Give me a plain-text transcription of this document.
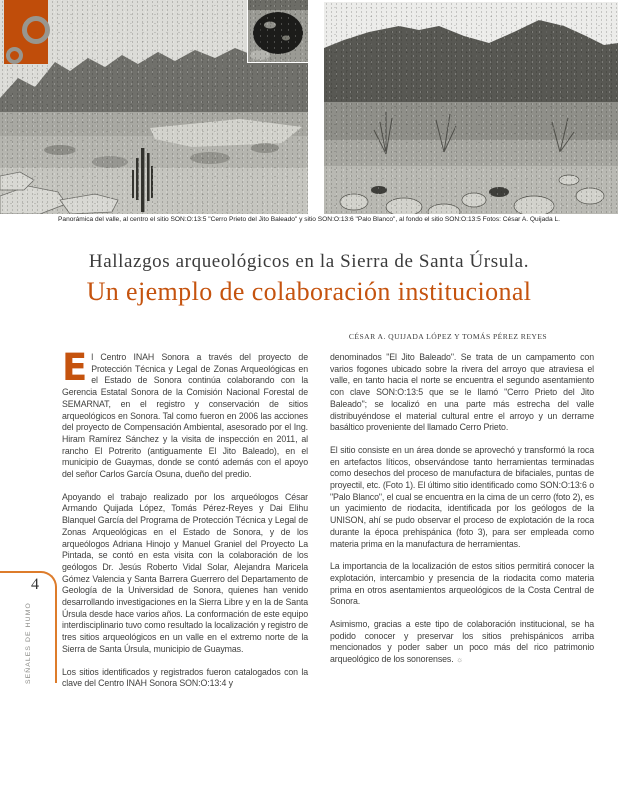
Panorámica del valle, al centro el sitio SON:O:13:5 "Cerro Prieto del Jito Baleado" y sitio SON:O:13:6 "Palo Blanco", al fondo el sitio SON:O:13:5 Fotos: César A. Quijada L.
Hallazgos arqueológicos en la Sierra de Santa Úrsula.
Un ejemplo de colaboración institucional
CÉSAR A. QUIJADA LÓPEZ Y TOMÁS PÉREZ REYES

El Centro INAH Sonora a través del proyecto de Protección Técnica y Legal de Zonas Arqueológicas en el Estado de Sonora continúa colaborando con la Gerencia Estatal Sonora de la Comisión Nacional Forestal de SEMARNAT, en el registro y conservación de sitios arqueológicos en Sonora. Tal como fueron en 2006 las acciones del proyecto de Compensación Ambiental, asesorado por el Ing. Hiram Ramírez Sánchez y la visita de inspección en 2011, al rancho El Potrerito (antiguamente El Jito Baleado), en el municipio de Guaymas, donde se contó además con el apoyo del señor Carlos García Osuna, dueño del predio.

Apoyando el trabajo realizado por los arqueólogos César Armando Quijada López, Tomás Pérez-Reyes y Dai Elihu Blanquel García del Programa de Protección Técnica y Legal de Zonas Arqueológicas en el Estado de Sonora, y de los arqueólogos Adriana Hinojo y Manuel Graniel del Proyecto La Pintada, se contó en esta visita con la colaboración de los geólogos Dr. Jesús Roberto Vidal Solar, Alejandra Maricela Gómez Valencia y Santa Barrera Guerrero del Departamento de Geología de la Universidad de Sonora, quienes han venido desarrollando investigaciones en la Sierra Libre y en la de Santa Úrsula desde hace varios años. La conformación de este equipo interdisciplinario tuvo como resultado la localización y registro de tres sitios arqueológicos en un valle en el extremo norte de la Sierra de Santa Úrsula, municipio de Guaymas.

Los sitios identificados y registrados fueron catalogados con la clave del Centro INAH Sonora SON:O:13:4 y

denominados "El Jito Baleado". Se trata de un campamento con varios fogones ubicado sobre la rivera del arroyo que atraviesa el valle, en tanto hacia el norte se encuentra el segundo asentamiento con clave SON:O:13:5 que se le llamó "Cerro Prieto del Jito Baleado"; se localizó en una parte más estrecha del valle distribuyéndose el material cultural entre el arroyo y un derrame basáltico proveniente del llamado Cerro Prieto.

El sitio consiste en un área donde se aprovechó y transformó la roca en artefactos líticos, observándose tanto herramientas terminadas como desechos del proceso de manufactura de bifaciales, puntas de proyectil, etc. (Foto 1). El último sitio identificado como SON:O:13:6 o "Palo Blanco", el cual se encuentra en la cima de un cerro (foto 2), es un yacimiento de riodacita, identificada por los geólogos de la UNISON, ahí se pudo observar el proceso de explotación de la roca durante la época prehispánica (foto 3), para ser empleada como materia prima en la manufactura de herramientas.

La importancia de la localización de estos sitios permitirá conocer la explotación, intercambio y presencia de la riodacita como materia prima en otros asentamientos arqueológicos de la Costa Central de Sonora.

Asimismo, gracias a este tipo de colaboración institucional, se ha podido conocer y preservar los sitios prehispánicos arriba mencionados y poder saber un poco más del rico patrimonio arqueológico de los sonorenses. ☼

4
SEÑALES DE HUMO
